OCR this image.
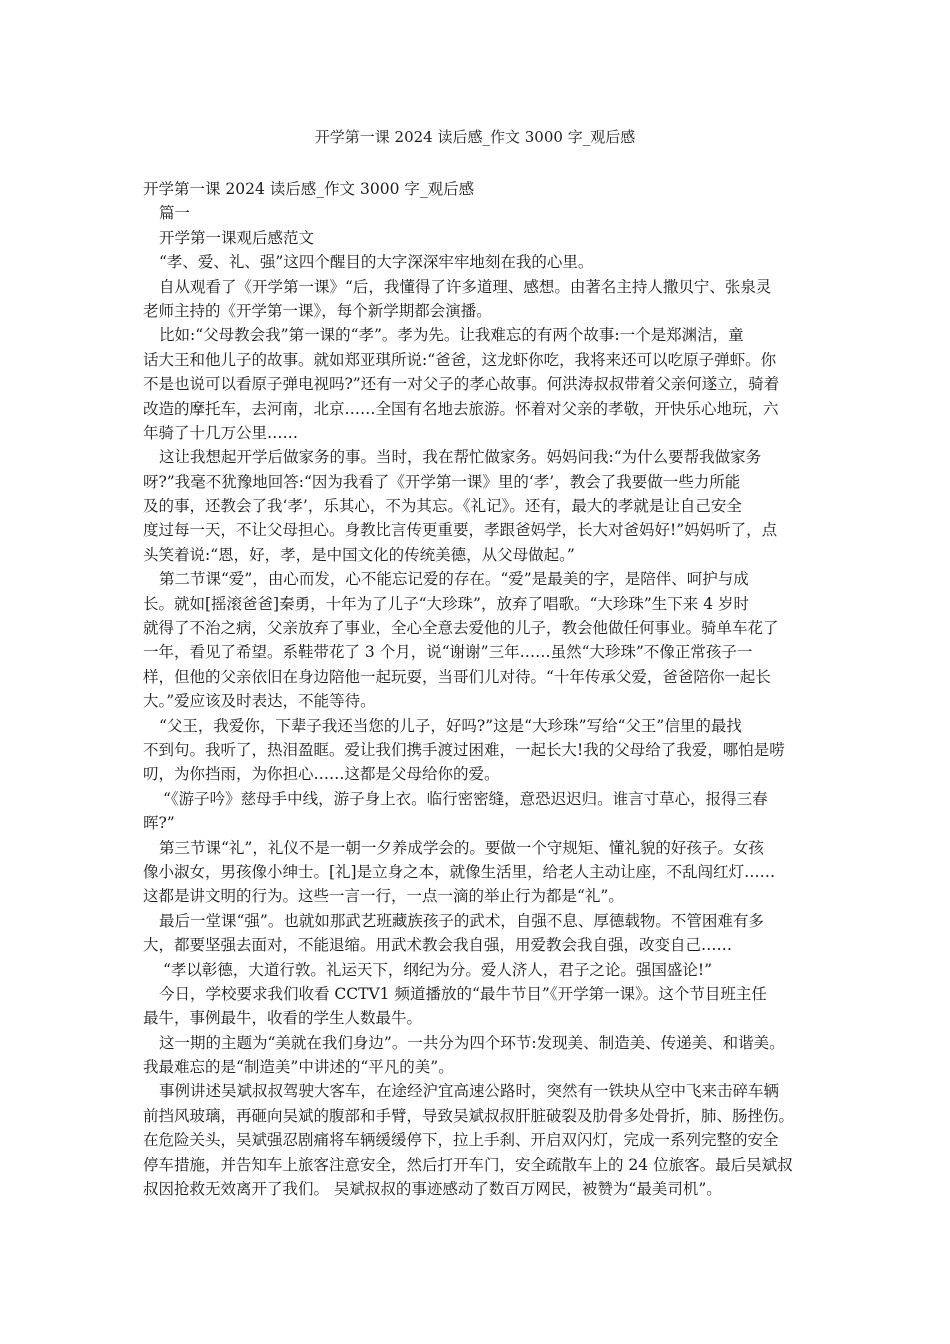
开学第一课 2024 读后感_作文 3000 字_观后感
开学第一课 2024 读后感_作文 3000 字_观后感
篇一
开学第一课观后感范文
“孝、爱、礼、强”这四个醒目的大字深深牢牢地刻在我的心里。
自从观看了《开学第一课》“后，我懂得了许多道理、感想。由著名主持人撒贝宁、张泉灵
老师主持的《开学第一课》，每个新学期都会演播。
比如:“父母教会我”第一课的“孝”。孝为先。让我难忘的有两个故事:一个是郑渊洁，童
话大王和他儿子的故事。就如郑亚琪所说:“爸爸，这龙虾你吃，我将来还可以吃原子弹虾。你
不是也说可以看原子弹电视吗?”还有一对父子的孝心故事。何洪涛叔叔带着父亲何遂立，骑着
改造的摩托车，去河南，北京……全国有名地去旅游。怀着对父亲的孝敬，开快乐心地玩，六
年骑了十几万公里……
这让我想起开学后做家务的事。当时，我在帮忙做家务。妈妈问我:“为什么要帮我做家务
呀?”我毫不犹豫地回答:“因为我看了《开学第一课》里的‘孝’，教会了我要做一些力所能
及的事，还教会了我‘孝’，乐其心，不为其忘。《礼记》。还有，最大的孝就是让自己安全
度过每一天，不让父母担心。身教比言传更重要，孝跟爸妈学，长大对爸妈好!”妈妈听了，点
头笑着说:“恩，好，孝，是中国文化的传统美德，从父母做起。”
第二节课“爱”，由心而发，心不能忘记爱的存在。“爱”是最美的字，是陪伴、呵护与成
长。就如[摇滚爸爸]秦勇，十年为了儿子“大珍珠”，放弃了唱歌。“大珍珠”生下来 4 岁时
就得了不治之病，父亲放弃了事业，全心全意去爱他的儿子，教会他做任何事业。骑单车花了
一年，看见了希望。系鞋带花了 3 个月，说“谢谢”三年……虽然“大珍珠”不像正常孩子一
样，但他的父亲依旧在身边陪他一起玩耍，当哥们儿对待。“十年传承父爱，爸爸陪你一起长
大。”爱应该及时表达，不能等待。
“父王，我爱你，下辈子我还当您的儿子，好吗?”这是“大珍珠”写给“父王”信里的最找
不到句。我听了，热泪盈眶。爱让我们携手渡过困难，一起长大!我的父母给了我爱，哪怕是唠
叨，为你挡雨，为你担心……这都是父母给你的爱。
“《游子吟》慈母手中线，游子身上衣。临行密密缝，意恐迟迟归。谁言寸草心，报得三春
晖?”
第三节课“礼”，礼仪不是一朝一夕养成学会的。要做一个守规矩、懂礼貌的好孩子。女孩
像小淑女，男孩像小绅士。[礼]是立身之本，就像生活里，给老人主动让座，不乱闯红灯……
这都是讲文明的行为。这些一言一行，一点一滴的举止行为都是“礼”。
最后一堂课“强”。也就如那武艺班藏族孩子的武术，自强不息、厚德载物。不管困难有多
大，都要坚强去面对，不能退缩。用武术教会我自强，用爱教会我自强，改变自己……
“孝以彰德，大道行敦。礼运天下，纲纪为分。爱人济人，君子之论。强国盛论!”
今日，学校要求我们收看 CCTV1 频道播放的“最牛节目”《开学第一课》。这个节目班主任
最牛，事例最牛，收看的学生人数最牛。
这一期的主题为“美就在我们身边”。一共分为四个环节:发现美、制造美、传递美、和谐美。
我最难忘的是“制造美”中讲述的“平凡的美”。
事例讲述吴斌叔叔驾驶大客车，在途经沪宜高速公路时，突然有一铁块从空中飞来击碎车辆
前挡风玻璃，再砸向吴斌的腹部和手臂，导致吴斌叔叔肝脏破裂及肋骨多处骨折，肺、肠挫伤。
在危险关头，吴斌强忍剧痛将车辆缓缓停下，拉上手刹、开启双闪灯，完成一系列完整的安全
停车措施，并告知车上旅客注意安全，然后打开车门，安全疏散车上的 24 位旅客。最后吴斌叔
叔因抢救无效离开了我们。 吴斌叔叔的事迹感动了数百万网民，被赞为“最美司机”。
